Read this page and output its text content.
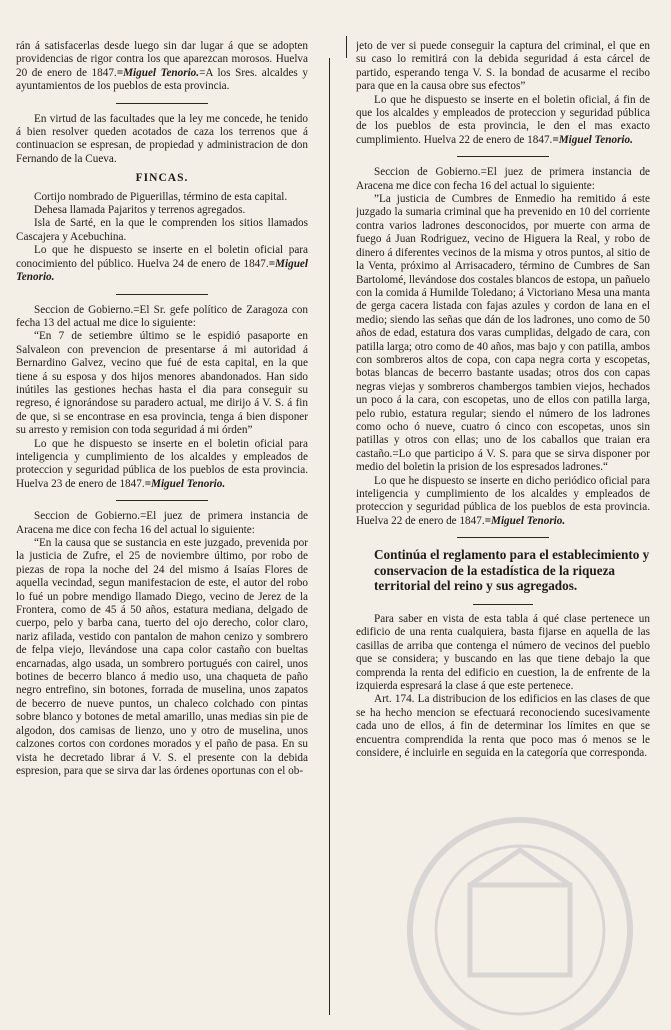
rán á satisfacerlas desde luego sin dar lugar á que se adopten providencias de rigor contra los que aparezcan morosos. Huelva 20 de enero de 1847.=Miguel Tenorio.=A los Sres. alcaldes y ayuntamientos de los pueblos de esta provincia.

En virtud de las facultades que la ley me concede, he tenido á bien resolver queden acotados de caza los terrenos que á continuacion se espresan, de propiedad y administracion de don Fernando de la Cueva.

FINCAS.

Cortijo nombrado de Piguerillas, término de esta capital.

Dehesa llamada Pajaritos y terrenos agregados.

Isla de Sarté, en la que le comprenden los sitios llamados Cascajera y Acebuchina.

Lo que he dispuesto se inserte en el boletin oficial para conocimiento del público. Huelva 24 de enero de 1847.=Miguel Tenorio.

Seccion de Gobierno.=El Sr. gefe político de Zaragoza con fecha 13 del actual me dice lo siguiente:

“En 7 de setiembre último se le espidió pasaporte en Salvaleon con prevencion de presentarse á mi autoridad á Bernardino Galvez, vecino que fué de esta capital, en la que tiene á su esposa y dos hijos menores abandonados. Han sido inútiles las gestiones hechas hasta el dia para conseguir su regreso, é ignorándose su paradero actual, me dirijo á V. S. á fin de que, si se encontrase en esa provincia, tenga á bien disponer su arresto y remision con toda seguridad á mi órden”

Lo que he dispuesto se inserte en el boletin oficial para inteligencia y cumplimiento de los alcaldes y empleados de proteccion y seguridad pública de los pueblos de esta provincia. Huelva 23 de enero de 1847.=Miguel Tenorio.

Seccion de Gobierno.=El juez de primera instancia de Aracena me dice con fecha 16 del actual lo siguiente:

“En la causa que se sustancia en este juzgado, prevenida por la justicia de Zufre, el 25 de noviembre último, por robo de piezas de ropa la noche del 24 del mismo á Isaías Flores de aquella vecindad, segun manifestacion de este, el autor del robo lo fué un pobre mendigo llamado Diego, vecino de Jerez de la Frontera, como de 45 á 50 años, estatura mediana, delgado de cuerpo, pelo y barba cana, tuerto del ojo derecho, color claro, nariz afilada, vestido con pantalon de mahon cenizo y sombrero de felpa viejo, llevándose una capa color castaño con bueltas encarnadas, algo usada, un sombrero portugués con cairel, unos botines de becerro blanco á medio uso, una chaqueta de paño negro entrefino, sin botones, forrada de muselina, unos zapatos de becerro de nueve puntos, un chaleco colchado con pintas sobre blanco y botones de metal amarillo, unas medias sin pie de algodon, dos camisas de lienzo, uno y otro de muselina, unos calzones cortos con cordones morados y el paño de pasa. En su vista he decretado librar á V. S. el presente con la debida espresion, para que se sirva dar las órdenes oportunas con el ob-

jeto de ver si puede conseguir la captura del criminal, el que en su caso lo remitirá con la debida seguridad á esta cárcel de partido, esperando tenga V. S. la bondad de acusarme el recibo para que en la causa obre sus efectos”

Lo que he dispuesto se inserte en el boletin oficial, á fin de que los alcaldes y empleados de proteccion y seguridad pública de los pueblos de esta provincia, le den el mas exacto cumplimiento. Huelva 22 de enero de 1847.=Miguel Tenorio.

Seccion de Gobierno.=El juez de primera instancia de Aracena me dice con fecha 16 del actual lo siguiente:

”La justicia de Cumbres de Enmedio ha remitido á este juzgado la sumaria criminal que ha prevenido en 10 del corriente contra varios ladrones desconocidos, por muerte con arma de fuego á Juan Rodriguez, vecino de Higuera la Real, y robo de dinero á diferentes vecinos de la misma y otros puntos, al sitio de la Venta, próximo al Arrisacadero, término de Cumbres de San Bartolomé, llevándose dos costales blancos de estopa, un pañuelo con la comida á Humilde Toledano; á Victoriano Mesa una manta de gerga cacera listada con fajas azules y cordon de lana en el medio; siendo las señas que dán de los ladrones, uno como de 50 años de edad, estatura dos varas cumplidas, delgado de cara, con patilla larga; otro como de 40 años, mas bajo y con patilla, ambos con sombreros altos de copa, con capa negra corta y escopetas, botas blancas de becerro bastante usadas; otros dos con capas negras viejas y sombreros chambergos tambien viejos, hechados un poco á la cara, con escopetas, uno de ellos con patilla larga, pelo rubio, estatura regular; siendo el número de los ladrones como ocho ó nueve, cuatro ó cinco con escopetas, unos sin patillas y otros con ellas; uno de los caballos que traian era castaño.=Lo que participo á V. S. para que se sirva disponer por medio del boletin la prision de los espresados ladrones.“

Lo que he dispuesto se inserte en dicho periódico oficial para inteligencia y cumplimiento de los alcaldes y empleados de proteccion y seguridad pública de los pueblos de esta provincia. Huelva 22 de enero de 1847.=Miguel Tenorio.

Continúa el reglamento para el establecimiento y conservacion de la estadística de la riqueza territorial del reino y sus agregados.

Para saber en vista de esta tabla á qué clase pertenece un edificio de una renta cualquiera, basta fijarse en aquella de las casillas de arriba que contenga el número de vecinos del pueblo que se considera; y buscando en las que tiene debajo la que comprenda la renta del edificio en cuestion, la de enfrente de la izquierda espresará la clase á que este pertenece.

Art. 174. La distribucion de los edificios en las clases de que se ha hecho mencion se efectuará reconociendo sucesivamente cada uno de ellos, á fin de determinar los límites en que se encuentra comprendida la renta que poco mas ó menos se le considere, é incluirle en seguida en la categoría que corresponda.
